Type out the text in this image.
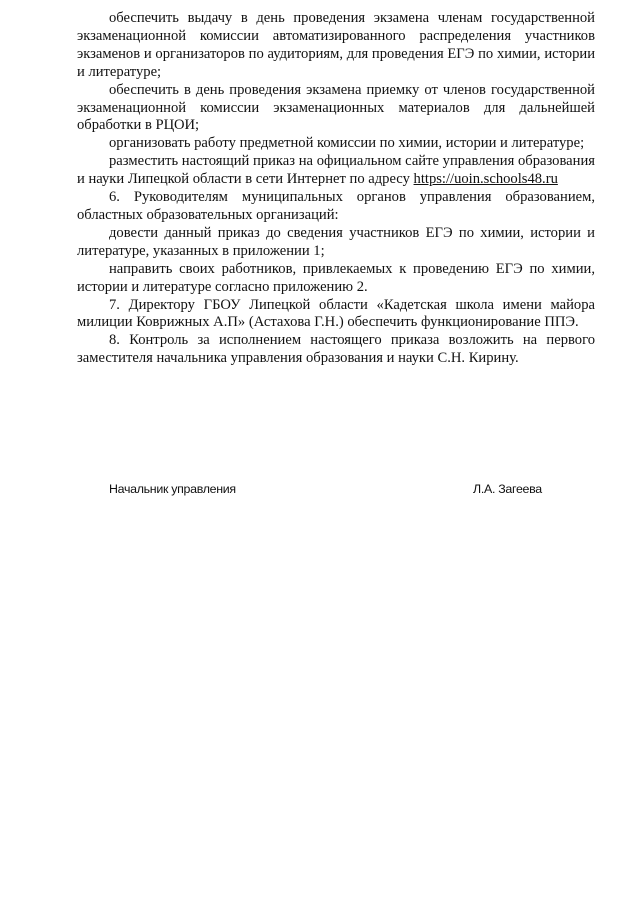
обеспечить выдачу в день проведения экзамена членам государственной экзаменационной комиссии автоматизированного распределения участников экзаменов и организаторов по аудиториям, для проведения ЕГЭ по химии, истории и литературе;

обеспечить в день проведения экзамена приемку от членов государственной экзаменационной комиссии экзаменационных материалов для дальнейшей обработки в РЦОИ;

организовать работу предметной комиссии по химии, истории и литературе;

разместить настоящий приказ на официальном сайте управления образования и науки Липецкой области в сети Интернет по адресу https://uoin.schools48.ru

6. Руководителям муниципальных органов управления образованием, областных образовательных организаций:

довести данный приказ до сведения участников ЕГЭ по химии, истории и литературе, указанных в приложении 1;

направить своих работников, привлекаемых к проведению ЕГЭ по химии, истории и литературе согласно приложению 2.

7. Директору ГБОУ Липецкой области «Кадетская школа имени майора милиции Коврижных А.П» (Астахова Г.Н.) обеспечить функционирование ППЭ.

8. Контроль за исполнением настоящего приказа возложить на первого заместителя начальника управления образования и науки С.Н. Кирину.

Начальник управления	Л.А. Загеева
